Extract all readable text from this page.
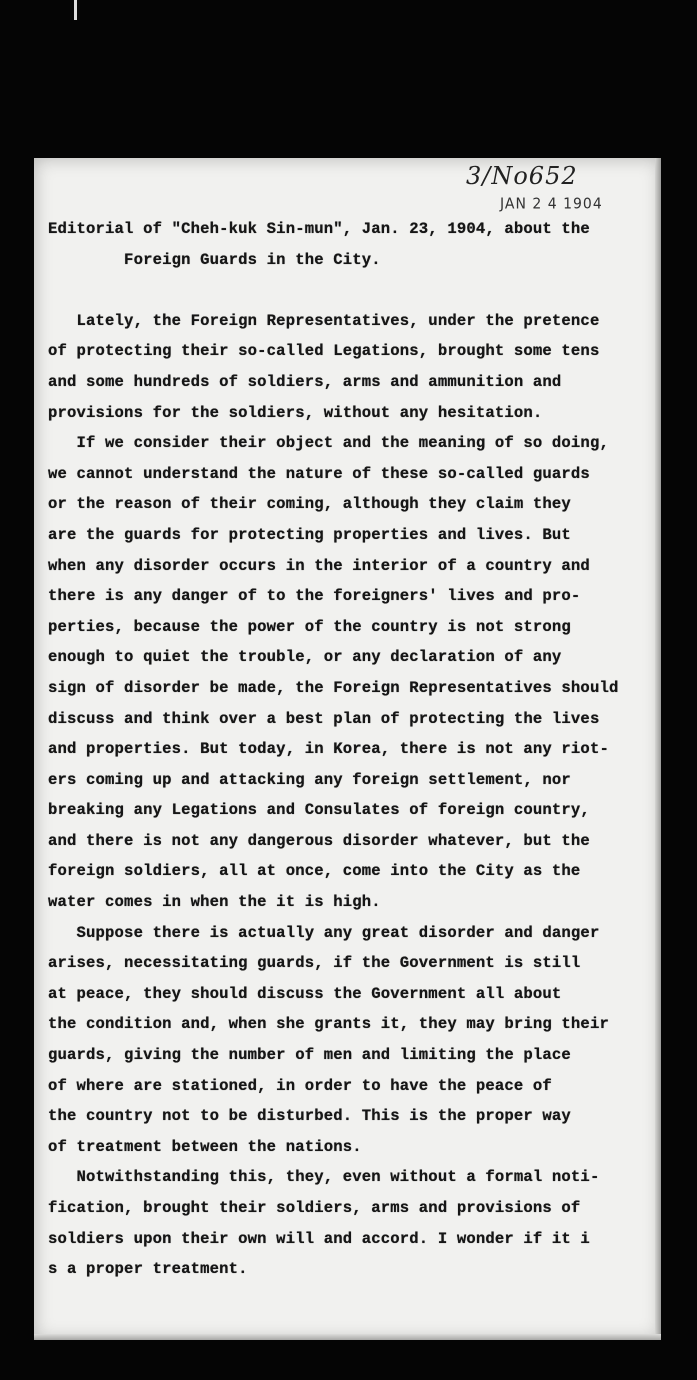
3/No652
JAN 2 4 1904
Editorial of "Cheh-kuk Sin-mun", Jan. 23, 1904, about the
Foreign Guards in the City.
Lately, the Foreign Representatives, under the pretence
of protecting their so-called Legations, brought some tens
and some hundreds of soldiers, arms and ammunition and
provisions for the soldiers, without any hesitation.
If we consider their object and the meaning of so doing,
we cannot understand the nature of these so-called guards
or the reason of their coming, although they claim they
are the guards for protecting properties and lives. But
when any disorder occurs in the interior of a country and
there is any danger of to the foreigners' lives and pro-
perties, because the power of the country is not strong
enough to quiet the trouble, or any declaration of any
sign of disorder be made, the Foreign Representatives should
discuss and think over a best plan of protecting the lives
and properties. But today, in Korea, there is not any riot-
ers coming up and attacking any foreign settlement, nor
breaking any Legations and Consulates of foreign country,
and there is not any dangerous disorder whatever, but the
foreign soldiers, all at once, come into the City as the
water comes in when the it is high.
Suppose there is actually any great disorder and danger
arises, necessitating guards, if the Government is still
at peace, they should discuss the Government all about
the condition and, when she grants it, they may bring their
guards, giving the number of men and limiting the place
of where are stationed, in order to have the peace of
the country not to be disturbed. This is the proper way
of treatment between the nations.
Notwithstanding this, they, even without a formal noti-
fication, brought their soldiers, arms and provisions of
soldiers upon their own will and accord. I wonder if it i
s a proper treatment.
